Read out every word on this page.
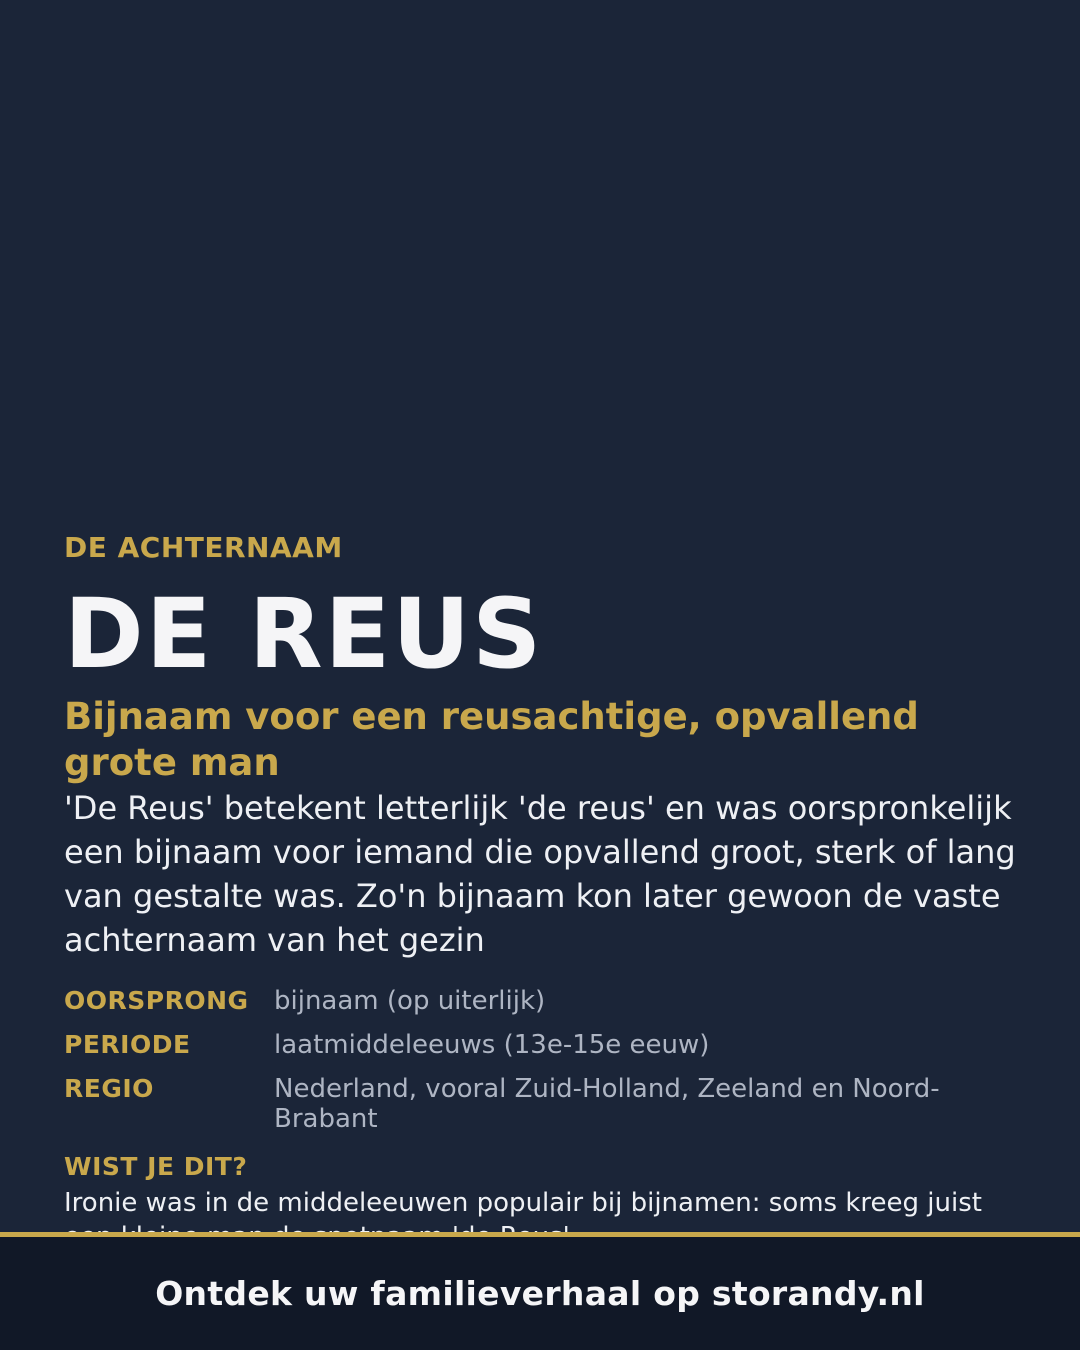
DE ACHTERNAAM
DE REUS
Bijnaam voor een reusachtige, opvallend grote man

'De Reus' betekent letterlijk 'de reus' en was oorspronkelijk een bijnaam voor iemand die opvallend groot, sterk of lang van gestalte was. Zo'n bijnaam kon later gewoon de vaste achternaam van het gezin

OORSPRONG bijnaam (op uiterlijk)
PERIODE	laatmiddeleeuws (13e-15e eeuw)
REGIO	Nederland, vooral Zuid-Holland, Zeeland en Noord-Brabant
WIST JE DIT?
Ironie was in de middeleeuwen populair bij bijnamen: soms kreeg juist
Ontdek uw familieverhaal op storandy.nl
